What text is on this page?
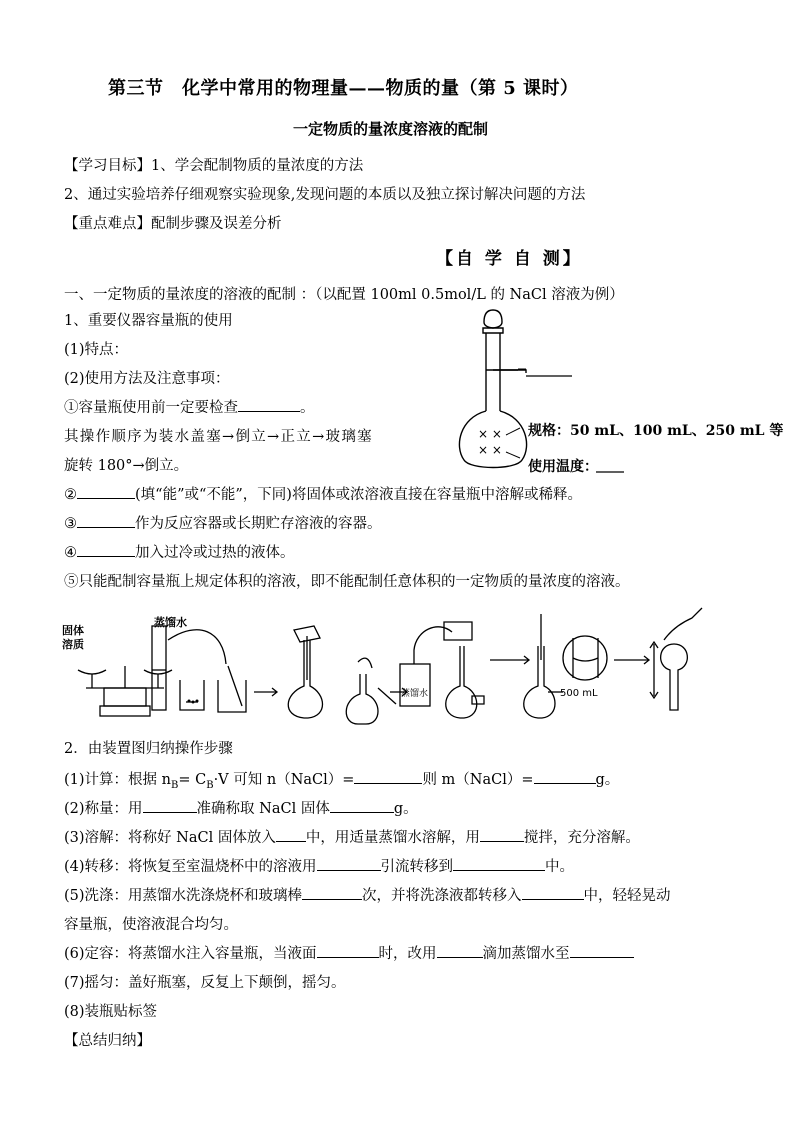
第三节　化学中常用的物理量——物质的量（第 5 课时）
一定物质的量浓度溶液的配制
【学习目标】1、学会配制物质的量浓度的方法
2、通过实验培养仔细观察实验现象,发现问题的本质以及独立探讨解决问题的方法
【重点难点】配制步骤及误差分析
【自 学 自 测】
一、一定物质的量浓度的溶液的配制 ：（以配置 100ml 0.5mol/L 的 NaCl 溶液为例）
1、重要仪器容量瓶的使用
(1)特点：
(2)使用方法及注意事项：
①容量瓶使用前一定要检查	。
其操作顺序为装水盖塞→倒立→正立→玻璃塞
旋转 180°→倒立。
②	(填“能”或“不能”，下同)将固体或浓溶液直接在容量瓶中溶解或稀释。
③	作为反应容器或长期贮存溶液的容器。
④	加入过冷或过热的液体。
⑤只能配制容量瓶上规定体积的溶液，即不能配制任意体积的一定物质的量浓度的溶液。
× ×
× ×
规格：50 mL、100 mL、250 mL 等
使用温度：
固体
溶质
蒸馏水
蒸馏水	500 mL
2．由装置图归纳操作步骤
(1)计算：根据 $n_B= C_B\cdot V$ 可知 n（NaCl）=	则 m（NaCl）=	g。
(2)称量：用	准确称取 NaCl 固体	g。
(3)溶解：将称好 NaCl 固体放入 中，用适量蒸馏水溶解，用	搅拌，充分溶解。
(4)转移：将恢复至室温烧杯中的溶液用	引流转移到	中。
(5)洗涤：用蒸馏水洗涤烧杯和玻璃棒	次，并将洗涤液都转移入	中，轻轻晃动
容量瓶，使溶液混合均匀。
(6)定容：将蒸馏水注入容量瓶，当液面	时，改用	滴加蒸馏水至
(7)摇匀：盖好瓶塞，反复上下颠倒，摇匀。
(8)装瓶贴标签
【总结归纳】
